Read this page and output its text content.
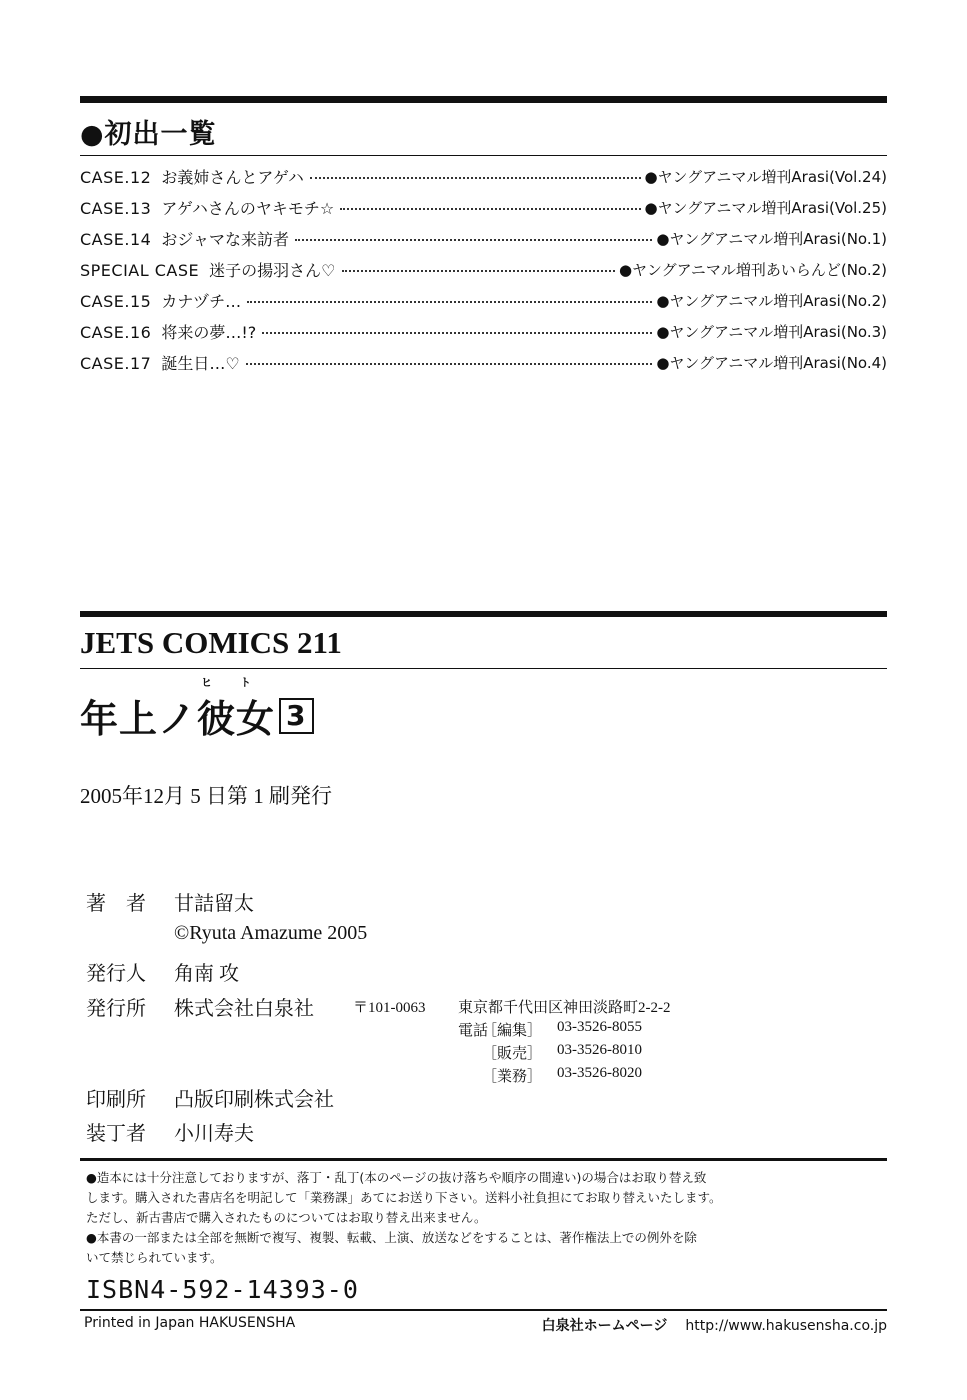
●初出一覧
CASE.12 お義姉さんとアゲハ	●ヤングアニマル増刊Arasi(Vol.24)
CASE.13 アゲハさんのヤキモチ☆	●ヤングアニマル増刊Arasi(Vol.25)
CASE.14 おジャマな来訪者	●ヤングアニマル増刊Arasi(No.1)
SPECIAL CASE 迷子の揚羽さん♡	●ヤングアニマル増刊あいらんど(No.2)
CASE.15 カナヅチ…	●ヤングアニマル増刊Arasi(No.2)
CASE.16 将来の夢…!?	●ヤングアニマル増刊Arasi(No.3)
CASE.17 誕生日…♡	●ヤングアニマル増刊Arasi(No.4)
JETS COMICS 211
年上ノ彼女
ヒ ト
3
2005年12月 5 日第 1 刷発行
著　者 甘詰留太
©Ryuta Amazume 2005
発行人 角南 攻
発行所 株式会社白泉社	〒101-0063 東京都千代田区神田淡路町2-2-2
電話
［編集］ 03-3526-8055
［販売］ 03-3526-8010
［業務］ 03-3526-8020
印刷所 凸版印刷株式会社
装丁者 小川寿夫
●造本には十分注意しておりますが、落丁・乱丁(本のページの抜け落ちや順序の間違い)の場合はお取り替え致
します。購入された書店名を明記して「業務課」あてにお送り下さい。送料小社負担にてお取り替えいたします。
ただし、新古書店で購入されたものについてはお取り替え出来ません。
●本書の一部または全部を無断で複写、複製、転載、上演、放送などをすることは、著作権法上での例外を除
いて禁じられています。
ISBN4-592-14393-0
Printed in Japan HAKUSENSHA	白泉社ホームページ http://www.hakusensha.co.jp
